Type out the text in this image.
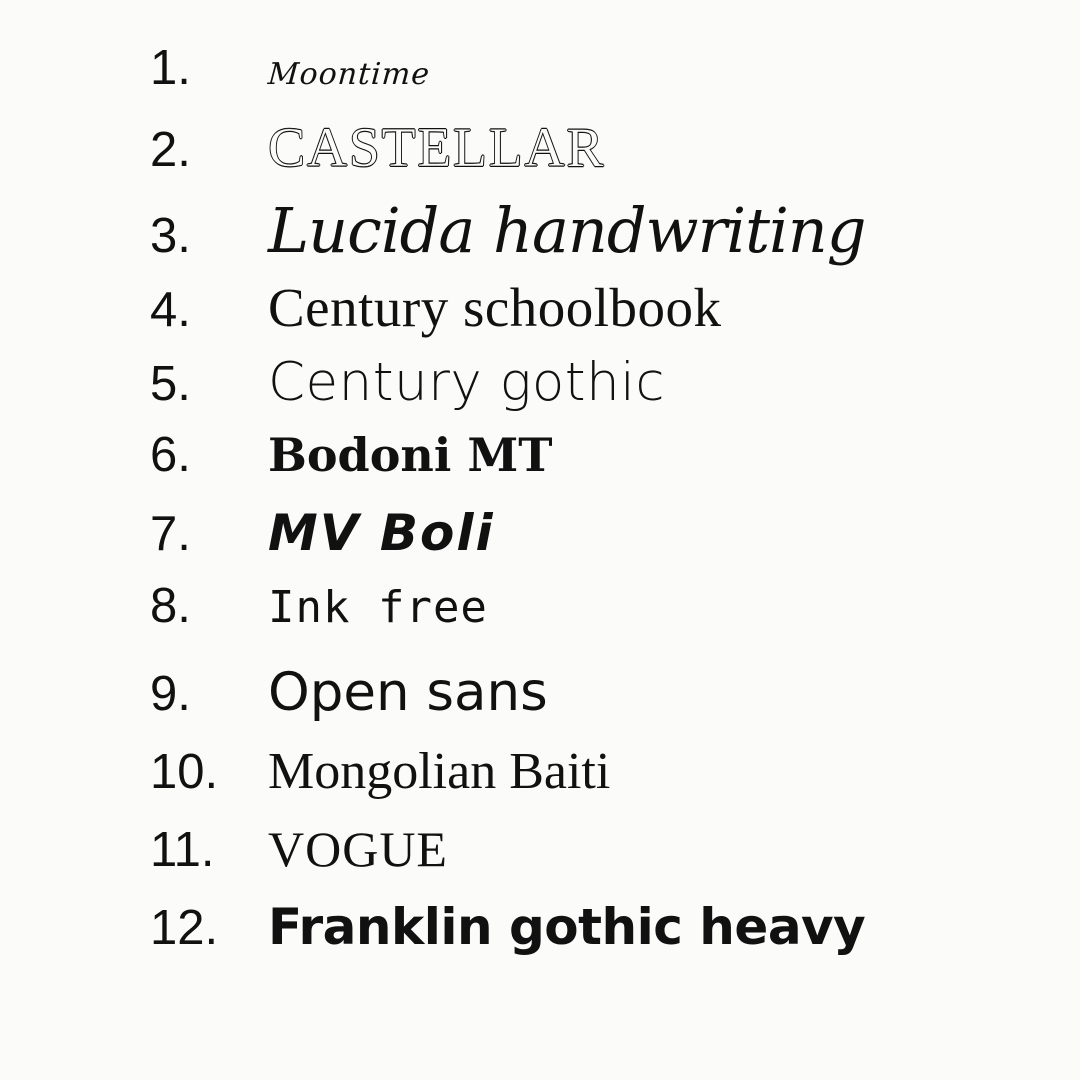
1.	Moontime
2.	CASTELLAR
3.	Lucida handwriting
4.	Century schoolbook
5.	Century gothic
6.	Bodoni MT
7.	MV Boli
8.	Ink free
9.	Open sans
10. Mongolian Baiti
11.	VOGUE
12. Franklin gothic heavy
